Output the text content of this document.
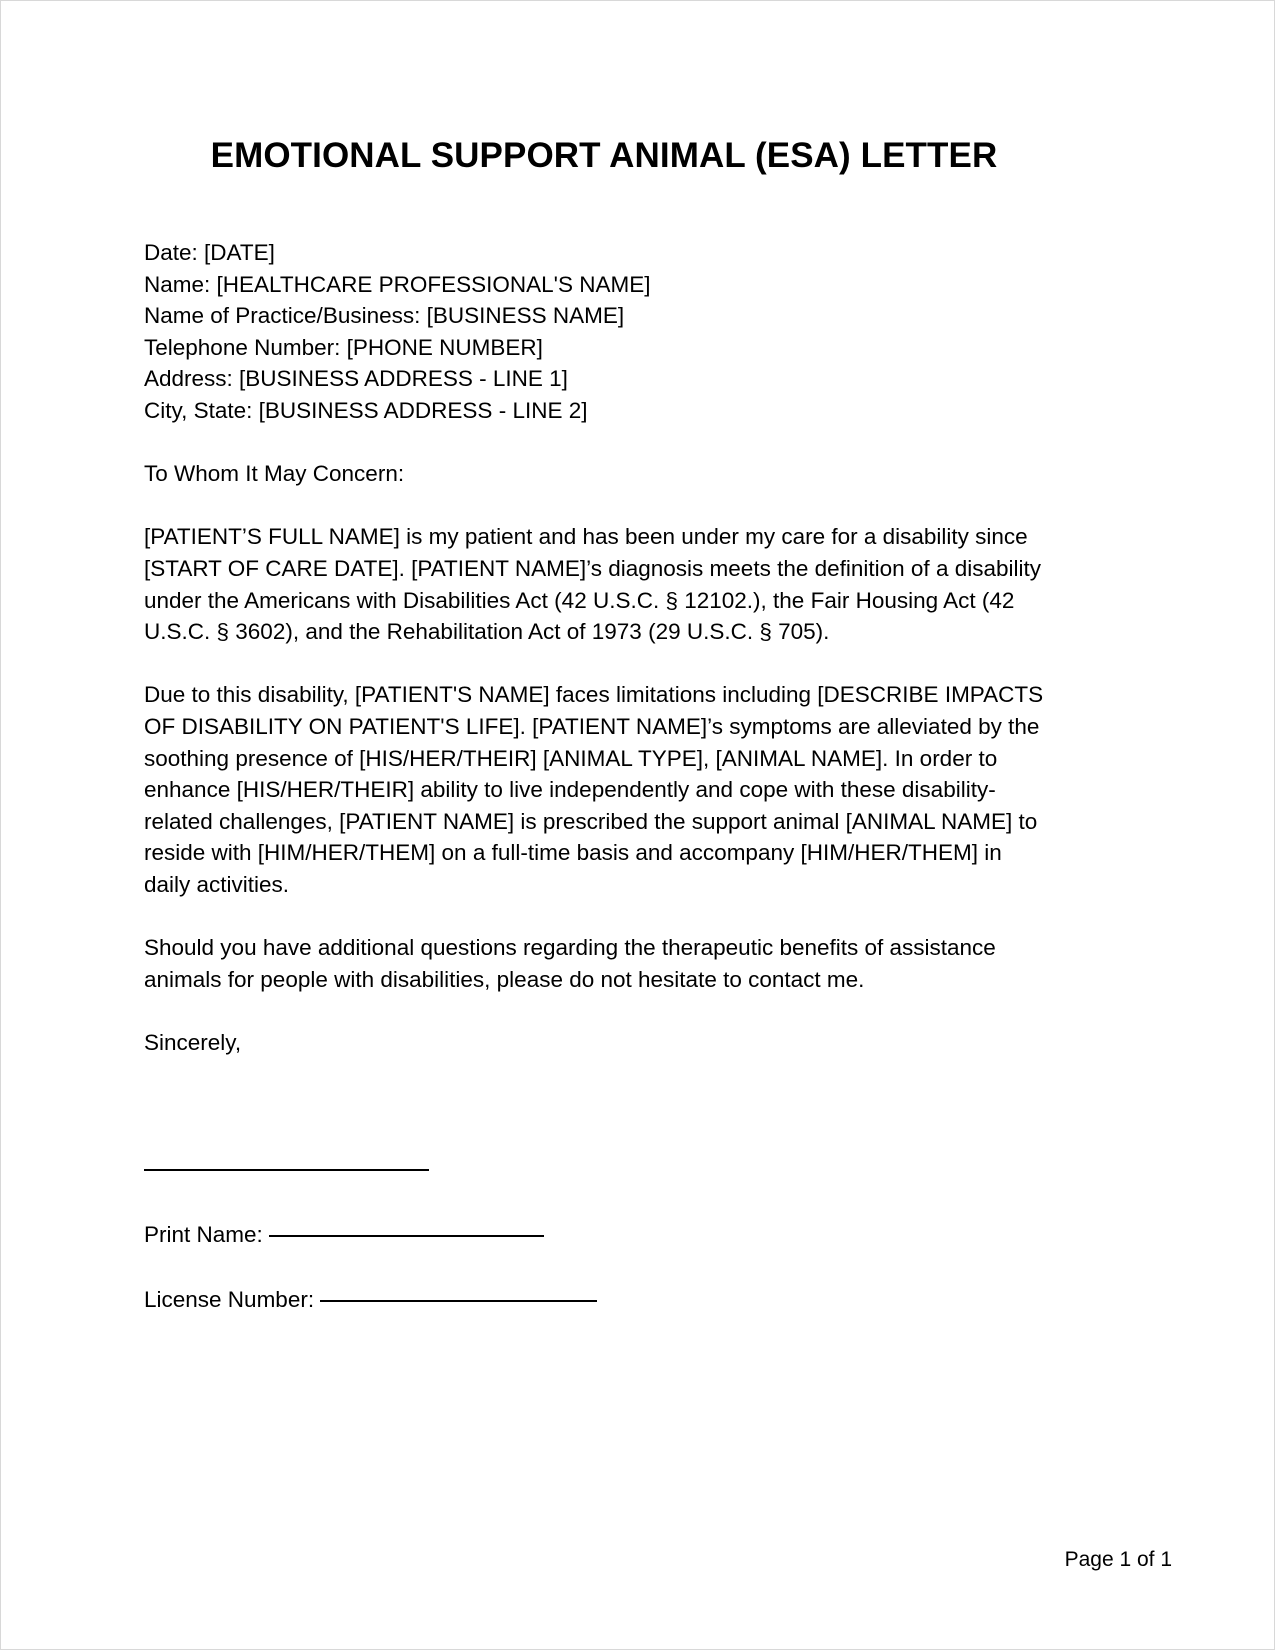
EMOTIONAL SUPPORT ANIMAL (ESA) LETTER
Date: [DATE]
Name: [HEALTHCARE PROFESSIONAL'S NAME]
Name of Practice/Business: [BUSINESS NAME]
Telephone Number: [PHONE NUMBER]
Address: [BUSINESS ADDRESS - LINE 1]
City, State: [BUSINESS ADDRESS - LINE 2]
To Whom It May Concern:

[PATIENT’S FULL NAME] is my patient and has been under my care for a disability since [START OF CARE DATE]. [PATIENT NAME]’s diagnosis meets the definition of a disability under the Americans with Disabilities Act (42 U.S.C. § 12102.), the Fair Housing Act (42 U.S.C. § 3602), and the Rehabilitation Act of 1973 (29 U.S.C. § 705).

Due to this disability, [PATIENT'S NAME] faces limitations including [DESCRIBE IMPACTS OF DISABILITY ON PATIENT'S LIFE]. [PATIENT NAME]’s symptoms are alleviated by the soothing presence of [HIS/HER/THEIR] [ANIMAL TYPE], [ANIMAL NAME]. In order to enhance [HIS/HER/THEIR] ability to live independently and cope with these disability-related challenges, [PATIENT NAME] is prescribed the support animal [ANIMAL NAME] to reside with [HIM/HER/THEM] on a full-time basis and accompany [HIM/HER/THEM] in daily activities.

Should you have additional questions regarding the therapeutic benefits of assistance animals for people with disabilities, please do not hesitate to contact me.

Sincerely,
Print Name:
License Number:
Page 1 of 1
